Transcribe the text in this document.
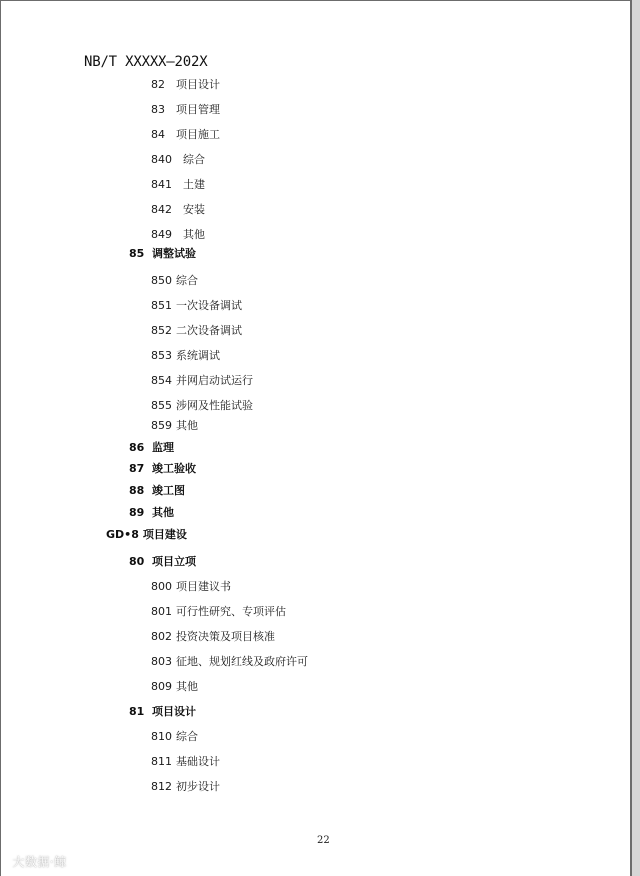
NB/T XXXXX—202X
82 项目设计
83 项目管理
84 项目施工
840 综合
841 土建
842 安装
849 其他
85 调整试验
850 综合
851 一次设备调试
852 二次设备调试
853 系统调试
854 并网启动试运行
855 涉网及性能试验
859 其他
86 监理
87 竣工验收
88 竣工图
89 其他
GD•8 项目建设
80 项目立项
800 项目建议书
801 可行性研究、专项评估
802 投资决策及项目核准
803 征地、规划红线及政府许可
809 其他
81 项目设计
810 综合
811 基础设计
812 初步设计
22
大数据·鲸
